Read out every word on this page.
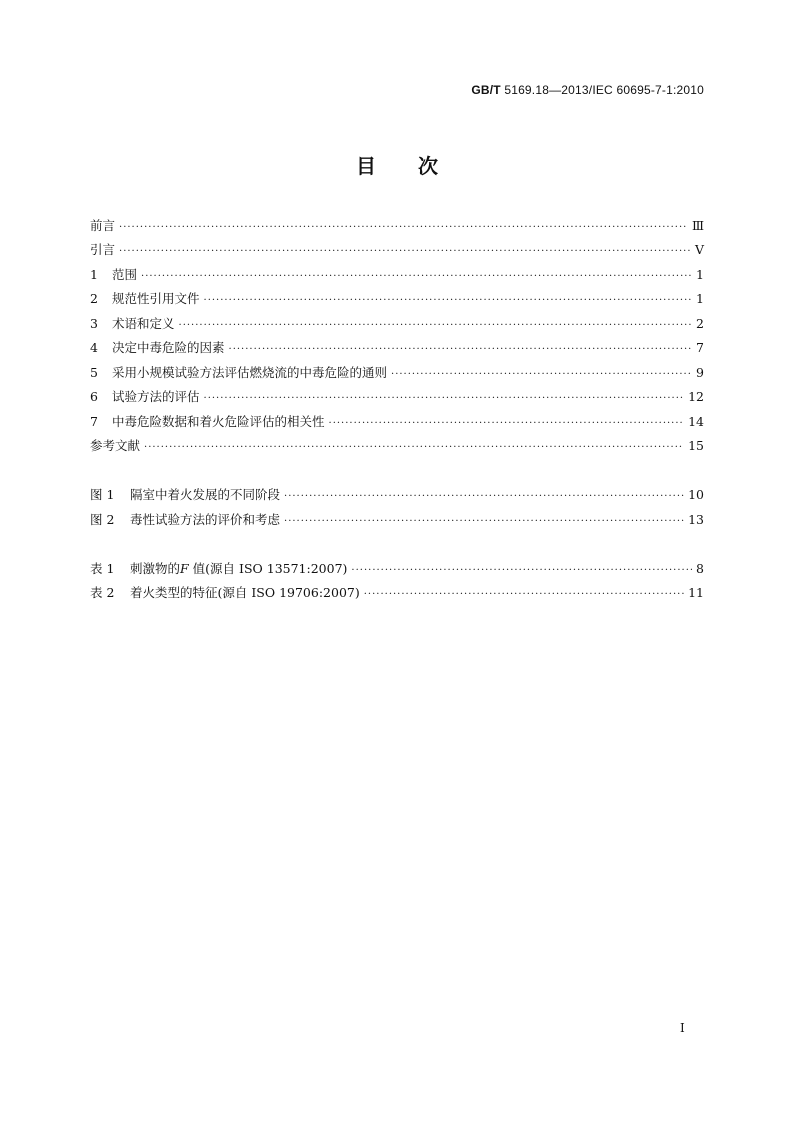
GB/T 5169.18—2013/IEC 60695-7-1:2010
目 次
前言 ·····	Ⅲ
引言 ·····	Ⅴ
1	范围 ·····	1
2	规范性引用文件 ·····	1
3	术语和定义 ·····	2
4	决定中毒危险的因素 ·····	7
5	采用小规模试验方法评估燃烧流的中毒危险的通则 ·····	9
6	试验方法的评估 ·····	12
7	中毒危险数据和着火危险评估的相关性 ·····	14
参考文献 ·····	15
图 1	隔室中着火发展的不同阶段 ·····	10
图 2	毒性试验方法的评价和考虑 ·····	13
表 1	刺激物的F 值(源自 ISO 13571:2007) ·····	8
表 2	着火类型的特征(源自 ISO 19706:2007) ·····	11
I
